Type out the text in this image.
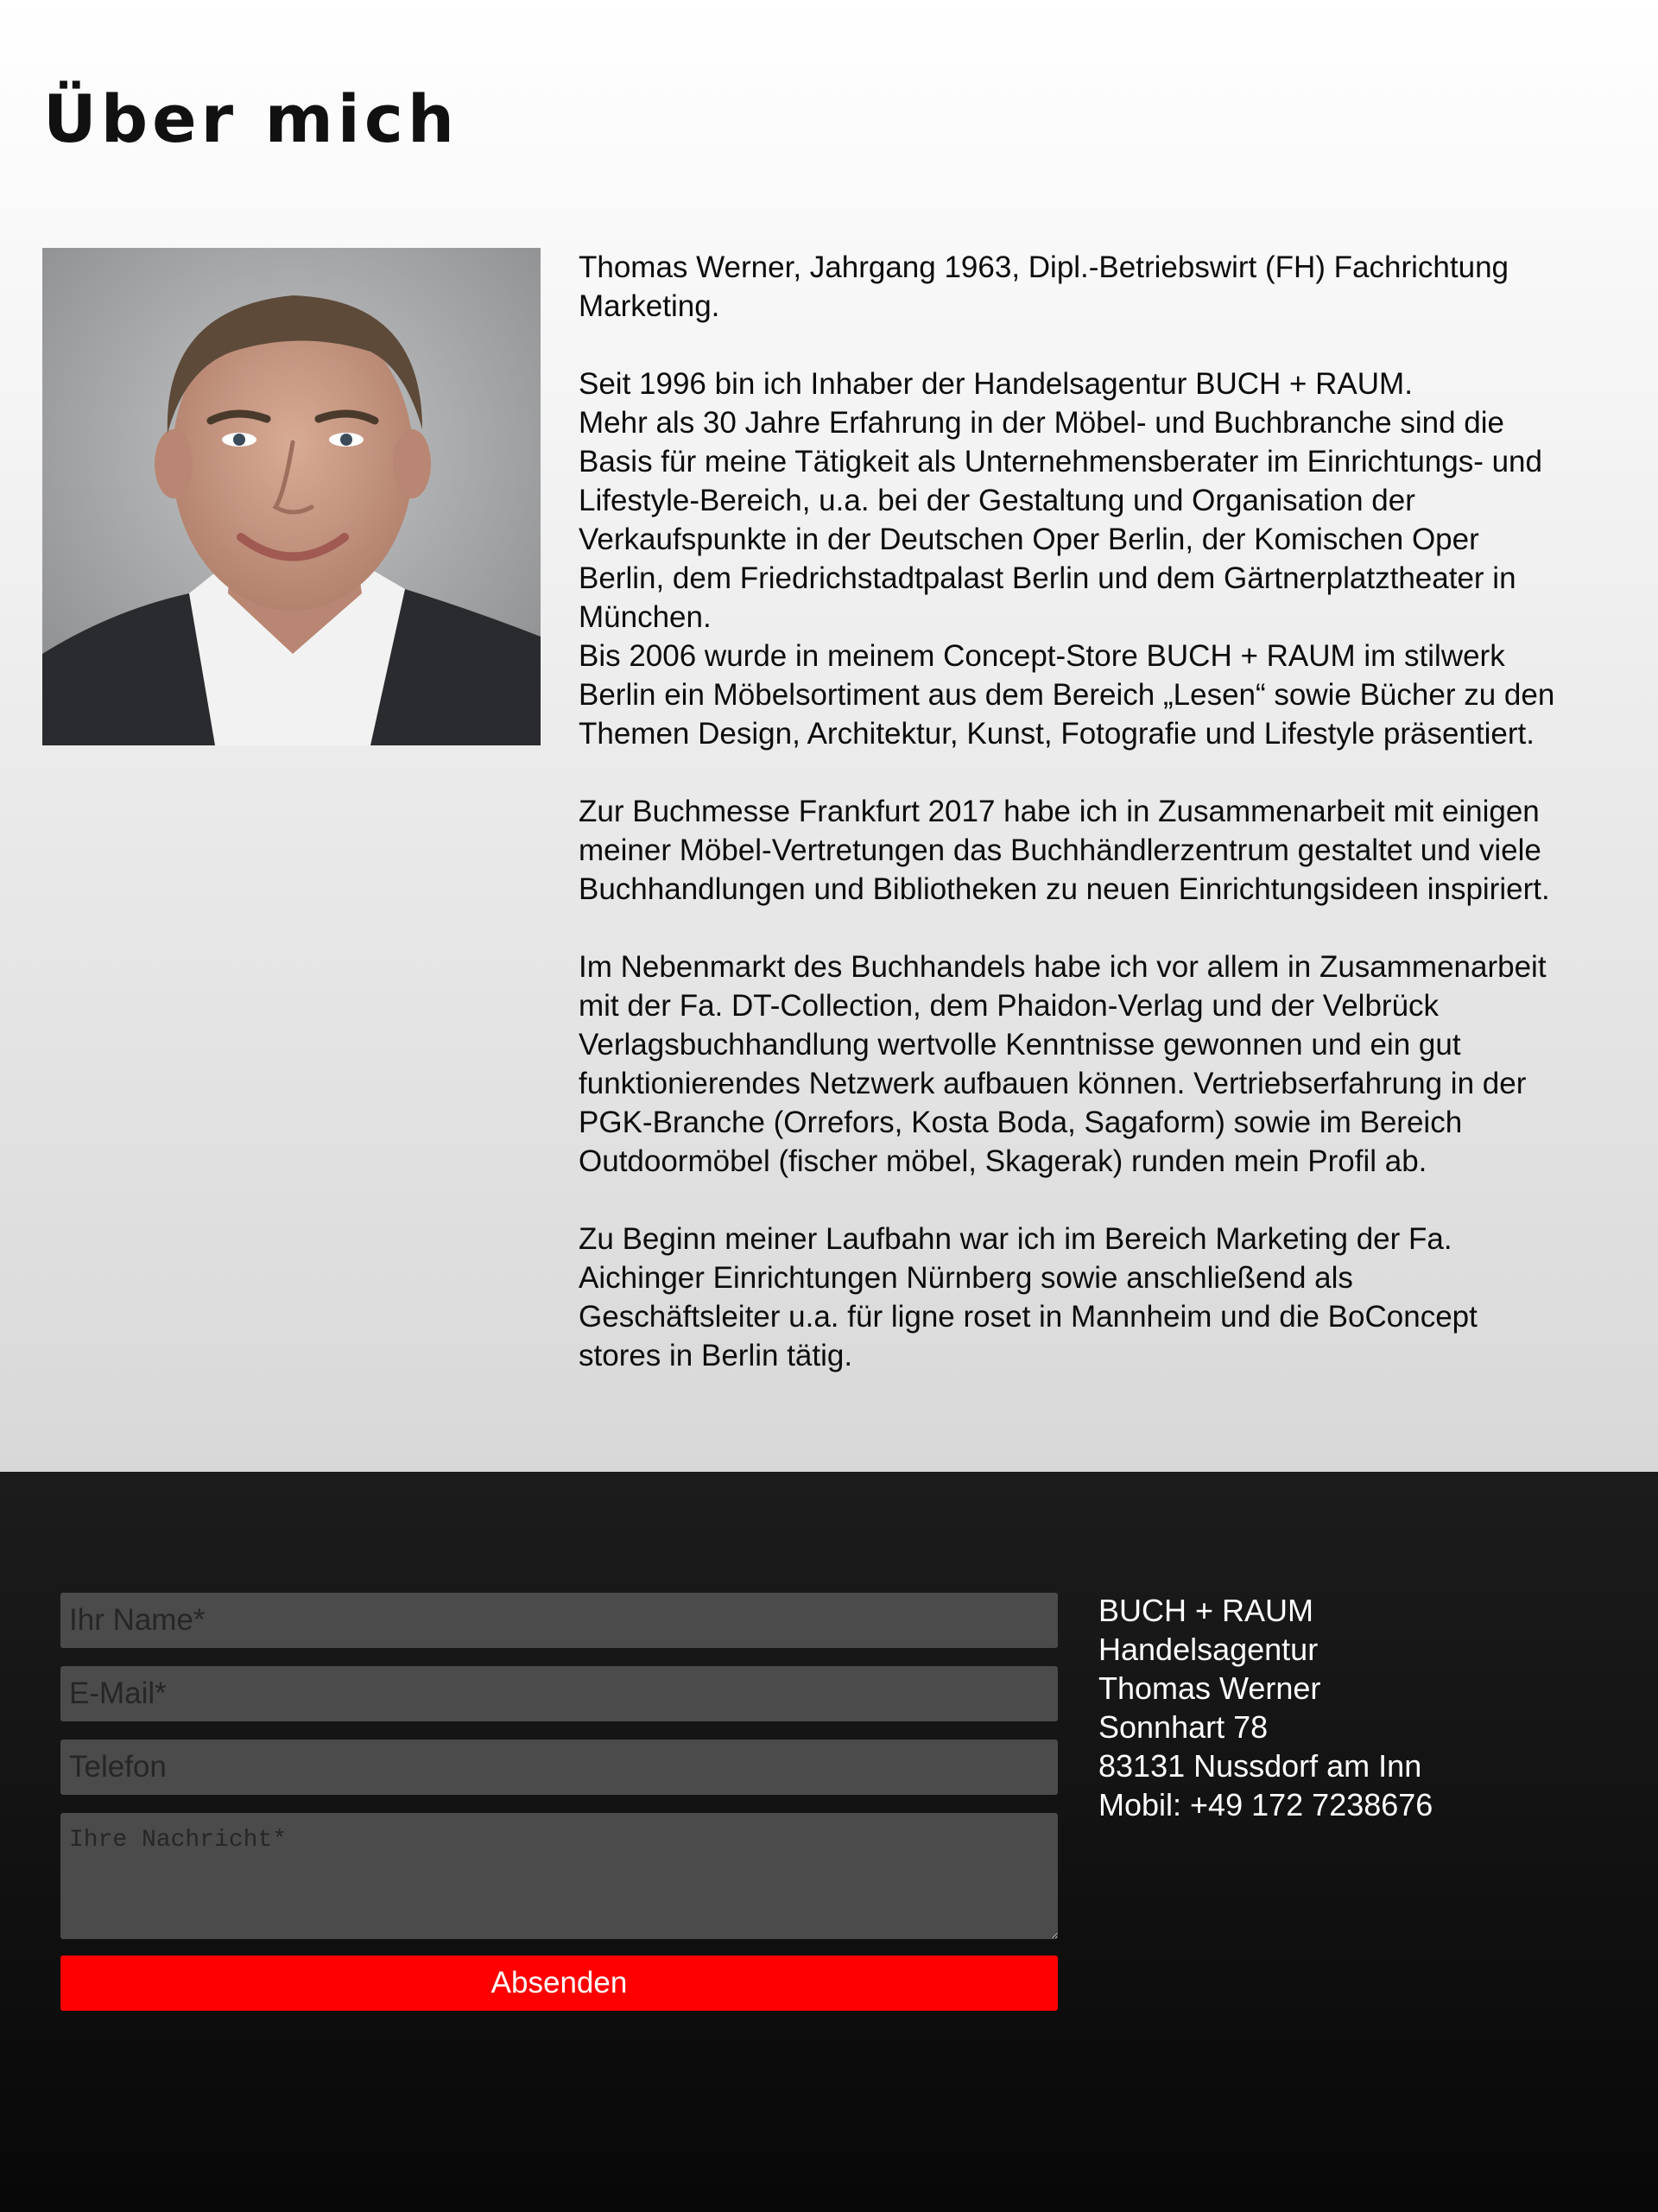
Über mich

Thomas Werner, Jahrgang 1963, Dipl.-Betriebswirt (FH) Fachrichtung
Marketing.

Seit 1996 bin ich Inhaber der Handelsagentur BUCH + RAUM.
Mehr als 30 Jahre Erfahrung in der Möbel- und Buchbranche sind die
Basis für meine Tätigkeit als Unternehmensberater im Einrichtungs- und
Lifestyle-Bereich, u.a. bei der Gestaltung und Organisation der
Verkaufspunkte in der Deutschen Oper Berlin, der Komischen Oper
Berlin, dem Friedrichstadtpalast Berlin und dem Gärtnerplatztheater in
München.
Bis 2006 wurde in meinem Concept-Store BUCH + RAUM im stilwerk
Berlin ein Möbelsortiment aus dem Bereich „Lesen“ sowie Bücher zu den
Themen Design, Architektur, Kunst, Fotografie und Lifestyle präsentiert.

Zur Buchmesse Frankfurt 2017 habe ich in Zusammenarbeit mit einigen
meiner Möbel-Vertretungen das Buchhändlerzentrum gestaltet und viele
Buchhandlungen und Bibliotheken zu neuen Einrichtungsideen inspiriert.

Im Nebenmarkt des Buchhandels habe ich vor allem in Zusammenarbeit
mit der Fa. DT-Collection, dem Phaidon-Verlag und der Velbrück
Verlagsbuchhandlung wertvolle Kenntnisse gewonnen und ein gut
funktionierendes Netzwerk aufbauen können. Vertriebserfahrung in der
PGK-Branche (Orrefors, Kosta Boda, Sagaform) sowie im Bereich
Outdoormöbel (fischer möbel, Skagerak) runden mein Profil ab.

Zu Beginn meiner Laufbahn war ich im Bereich Marketing der Fa.
Aichinger Einrichtungen Nürnberg sowie anschließend als
Geschäftsleiter u.a. für ligne roset in Mannheim und die BoConcept
stores in Berlin tätig.

Ihr Name*
E-Mail*
Telefon
Ihre Nachricht*
Absenden
BUCH + RAUM
Handelsagentur
Thomas Werner
Sonnhart 78
83131 Nussdorf am Inn
Mobil: +49 172 7238676
